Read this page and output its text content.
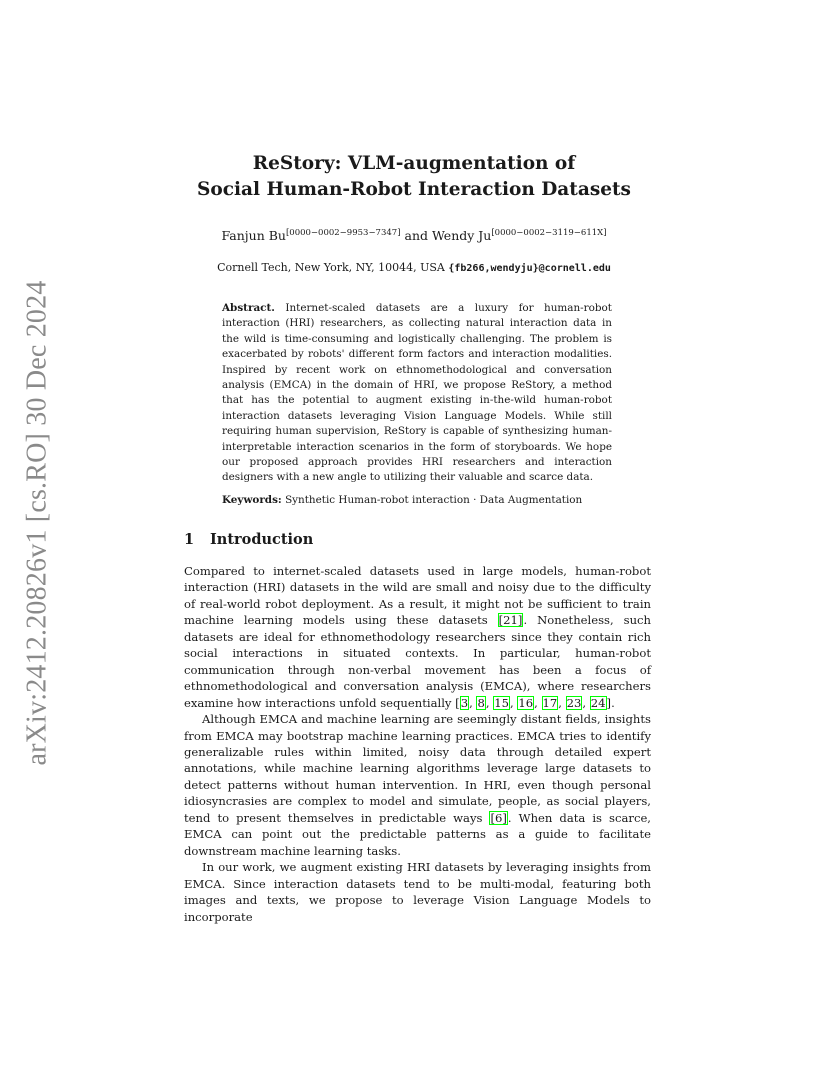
arXiv:2412.20826v1 [cs.RO] 30 Dec 2024
ReStory: VLM-augmentation of
Social Human-Robot Interaction Datasets
Fanjun Bu[0000−0002−9953−7347] and Wendy Ju[0000−0002−3119−611X]
Cornell Tech, New York, NY, 10044, USA {fb266,wendyju}@cornell.edu
Abstract. Internet-scaled datasets are a luxury for human-robot interaction (HRI) researchers, as collecting natural interaction data in the wild is time-consuming and logistically challenging. The problem is exacerbated by robots' different form factors and interaction modalities. Inspired by recent work on ethnomethodological and conversation analysis (EMCA) in the domain of HRI, we propose ReStory, a method that has the potential to augment existing in-the-wild human-robot interaction datasets leveraging Vision Language Models. While still requiring human supervision, ReStory is capable of synthesizing human-interpretable interaction scenarios in the form of storyboards. We hope our proposed approach provides HRI researchers and interaction designers with a new angle to utilizing their valuable and scarce data.
Keywords: Synthetic Human-robot interaction · Data Augmentation
1 Introduction

Compared to internet-scaled datasets used in large models, human-robot interaction (HRI) datasets in the wild are small and noisy due to the difficulty of real-world robot deployment. As a result, it might not be sufficient to train machine learning models using these datasets [21]. Nonetheless, such datasets are ideal for ethnomethodology researchers since they contain rich social interactions in situated contexts. In particular, human-robot communication through non-verbal movement has been a focus of ethnomethodological and conversation analysis (EMCA), where researchers examine how interactions unfold sequentially [3, 8, 15, 16, 17, 23, 24].

Although EMCA and machine learning are seemingly distant fields, insights from EMCA may bootstrap machine learning practices. EMCA tries to identify generalizable rules within limited, noisy data through detailed expert annotations, while machine learning algorithms leverage large datasets to detect patterns without human intervention. In HRI, even though personal idiosyncrasies are complex to model and simulate, people, as social players, tend to present themselves in predictable ways [6]. When data is scarce, EMCA can point out the predictable patterns as a guide to facilitate downstream machine learning tasks.

In our work, we augment existing HRI datasets by leveraging insights from EMCA. Since interaction datasets tend to be multi-modal, featuring both images and texts, we propose to leverage Vision Language Models to incorporate
